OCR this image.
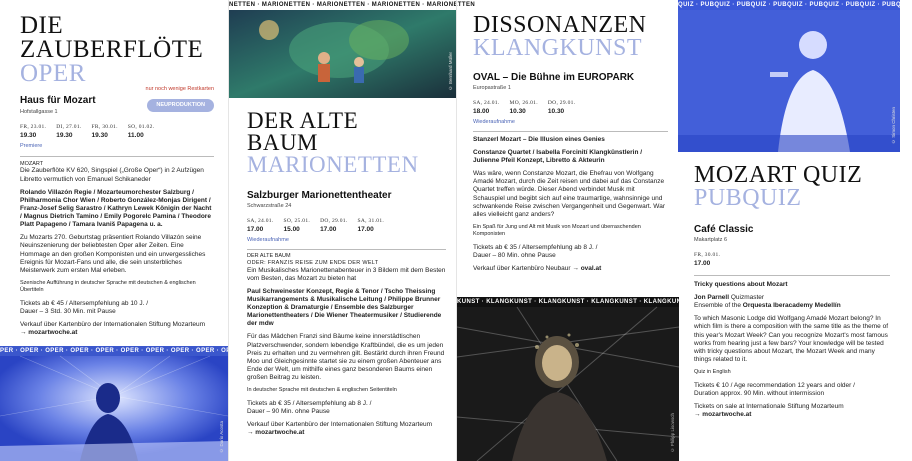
DIE
ZAUBERFLÖTE
OPER
nur noch wenige Restkarten
Haus für Mozart
Hofstallgasse 1
NEUPRODUKTION
FR, 23.01.
19.30
DI, 27.01.
19.30
FR, 30.01.
19.30
SO, 01.02.
11.00
Premiere
MOZART
Die Zauberflöte KV 620, Singspiel („Große Oper“) in 2 Aufzügen Libretto vermutlich von Emanuel Schikaneder

Rolando Villazón Regie / Mozarteumorchester Salzburg / Philharmonia Chor Wien / Roberto González-Monjas Dirigent / Franz-Josef Selig Sarastro / Kathryn Lewek Königin der Nacht / Magnus Dietrich Tamino / Emily Pogorelc Pamina / Theodore Platt Papageno / Tamara Ivaniš Papagena u. a.

Zu Mozarts 270. Geburtstag präsentiert Rolando Villazón seine Neuinszenierung der beliebtesten Oper aller Zeiten. Eine Hommage an den großen Komponisten und ein unvergessliches Ereignis für Mozart-Fans und alle, die sein unsterbliches Meisterwerk zum ersten Mal erleben.

Szenische Aufführung in deutscher Sprache mit deutschen & englischen Übertiteln

Tickets ab € 45 / Altersempfehlung ab 10 J. /
Dauer – 3 Std. 30 Min. mit Pause
Verkauf über Kartenbüro der Internationalen Stiftung Mozarteum
→ mozartwoche.at
PER · OPER · OPER · OPER · OPER · OPER · OPER · OPER · OPER · OPER · OPER ·
© Dario Acosta
NETTEN · MARIONETTEN · MARIONETTEN · MARIONETTEN · MARIONETTEN
© Bernhard Müller
DER ALTE
BAUM
MARIONETTEN
Salzburger Marionettentheater
Schwarzstraße 24
SA, 24.01.
17.00
SO, 25.01.
15.00
DO, 29.01.
17.00
SA, 31.01.
17.00
Wiederaufnahme
DER ALTE BAUM
ODER: FRANZIS REISE ZUM ENDE DER WELT
Ein Musikalisches Marionettenabenteuer in 3 Bildern mit dem Besten vom Besten, das Mozart zu bieten hat

Paul Schweinester Konzept, Regie & Tenor / Tscho Theissing Musikarrangements & Musikalische Leitung / Philippe Brunner Konzeption & Dramaturgie / Ensemble des Salzburger Marionettentheaters / Die Wiener Theatermusiker / Studierende der mdw

Für das Mädchen Franzi sind Bäume keine innerstädtischen Platzverschwender, sondern lebendige Kraftbündel, die es um jeden Preis zu erhalten und zu vermehren gilt. Bestärkt durch ihren Freund Moo und Gleichgesinnte startet sie zu einem großen Abenteuer ans Ende der Welt, um mithilfe eines ganz besonderen Baums einen großen Beitrag zu leisten.

In deutscher Sprache mit deutschen & englischen Seitentiteln

Tickets ab € 35 / Altersempfehlung ab 8 J. /
Dauer – 90 Min. ohne Pause
Verkauf über Kartenbüro der Internationalen Stiftung Mozarteum
→ mozartwoche.at
DISSONANZEN
KLANGKUNST
OVAL – Die Bühne im EUROPARK
Europastraße 1
SA, 24.01.
18.00
MO, 26.01.
10.30
DO, 29.01.
10.30
Wiederaufnahme
Stanzerl Mozart – Die Illusion eines Genies

Constanze Quartet / Isabella Forcinití Klangkünstlerin / Julienne Pfeil Konzept, Libretto & Akteurin

Was wäre, wenn Constanze Mozart, die Ehefrau von Wolfgang Amadé Mozart, durch die Zeit reisen und dabei auf das Constanze Quartet treffen würde. Dieser Abend verbindet Musik mit Schauspiel und begibt sich auf eine traumartige, wahnsinnige und schwankende Reise zwischen Vergangenheit und Gegenwart. War alles vielleicht ganz anders?

Ein Spaß für Jung und Alt mit Musik von Mozart und überraschenden Komponisten

Tickets ab € 35 / Altersempfehlung ab 8 J. /
Dauer – 80 Min. ohne Pause
Verkauf über Kartenbüro Neubaur → oval.at
KUNST · KLANGKUNST · KLANGKUNST · KLANGKUNST · KLANGKUNST · KL
© Philipp Lisowsch
QUIZ · PUBQUIZ · PUBQUIZ · PUBQUIZ · PUBQUIZ · PUBQUIZ · PUBQUIZ
© Simon Christen
MOZART QUIZ
PUBQUIZ
Café Classic
Makartplatz 6
FR, 30.01.
17.00
Tricky questions about Mozart

Jon Parnell Quizmaster
Ensemble of the Orquesta Iberacademy Medellín

To which Masonic Lodge did Wolfgang Amadé Mozart belong? In which film is there a composition with the same title as the theme of this year's Mozart Week? Can you recognize Mozart's most famous works from hearing just a few bars? Your knowledge will be tested with tricky questions about Mozart, the Mozart Week and many things related to it.

Quiz in English

Tickets € 10 / Age recommendation 12 years and older /
Duration approx. 90 Min. without intermission
Tickets on sale at Internationale Stiftung Mozarteum
→ mozartwoche.at
